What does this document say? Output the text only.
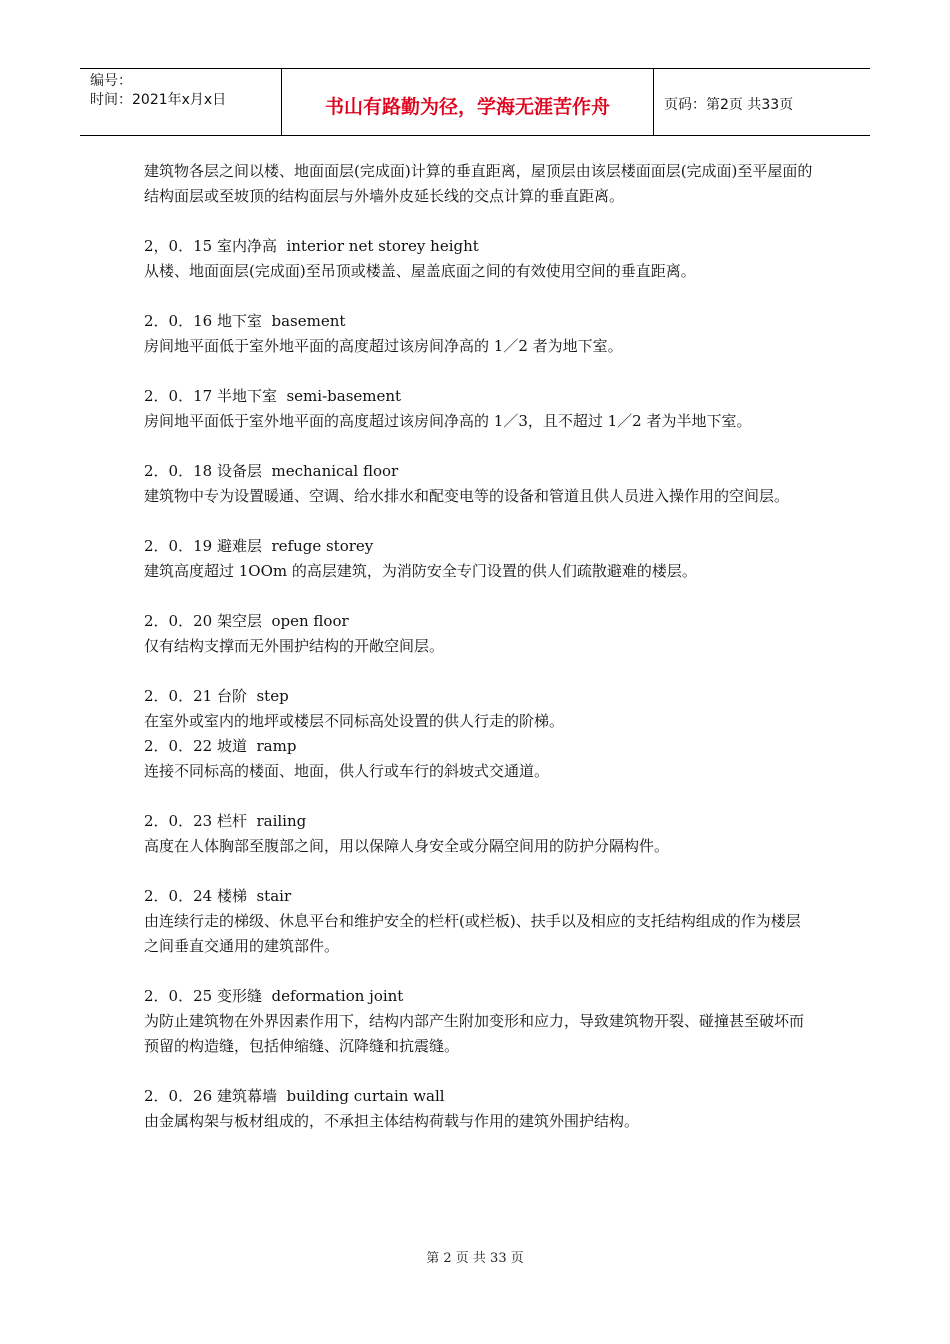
编号：
时间：2021年x月x日	书山有路勤为径，学海无涯苦作舟	页码：第2页 共33页

建筑物各层之间以楼、地面面层(完成面)计算的垂直距离，屋顶层由该层楼面面层(完成面)至平屋面的结构面层或至坡顶的结构面层与外墙外皮延长线的交点计算的垂直距离。

2，0．15 室内净高  interior net storey height

从楼、地面面层(完成面)至吊顶或楼盖、屋盖底面之间的有效使用空间的垂直距离。

2．0．16 地下室  basement

房间地平面低于室外地平面的高度超过该房间净高的 1／2 者为地下室。

2．0．17 半地下室  semi-basement

房间地平面低于室外地平面的高度超过该房间净高的 1／3，且不超过 1／2 者为半地下室。

2．0．18 设备层  mechanical floor

建筑物中专为设置暖通、空调、给水排水和配变电等的设备和管道且供人员进入操作用的空间层。

2．0．19 避难层  refuge storey

建筑高度超过 1OOm 的高层建筑，为消防安全专门设置的供人们疏散避难的楼层。

2．0．20 架空层  open floor

仅有结构支撑而无外围护结构的开敞空间层。

2．0．21 台阶  step

在室外或室内的地坪或楼层不同标高处设置的供人行走的阶梯。

2．0．22 坡道  ramp

连接不同标高的楼面、地面，供人行或车行的斜坡式交通道。

2．0．23 栏杆  railing

高度在人体胸部至腹部之间，用以保障人身安全或分隔空间用的防护分隔构件。

2．0．24 楼梯  stair

由连续行走的梯级、休息平台和维护安全的栏杆(或栏板)、扶手以及相应的支托结构组成的作为楼层之间垂直交通用的建筑部件。

2．0．25 变形缝  deformation joint

为防止建筑物在外界因素作用下，结构内部产生附加变形和应力，导致建筑物开裂、碰撞甚至破坏而预留的构造缝，包括伸缩缝、沉降缝和抗震缝。

2．0．26 建筑幕墙  building curtain wall

由金属构架与板材组成的，不承担主体结构荷载与作用的建筑外围护结构。

第 2 页 共 33 页
